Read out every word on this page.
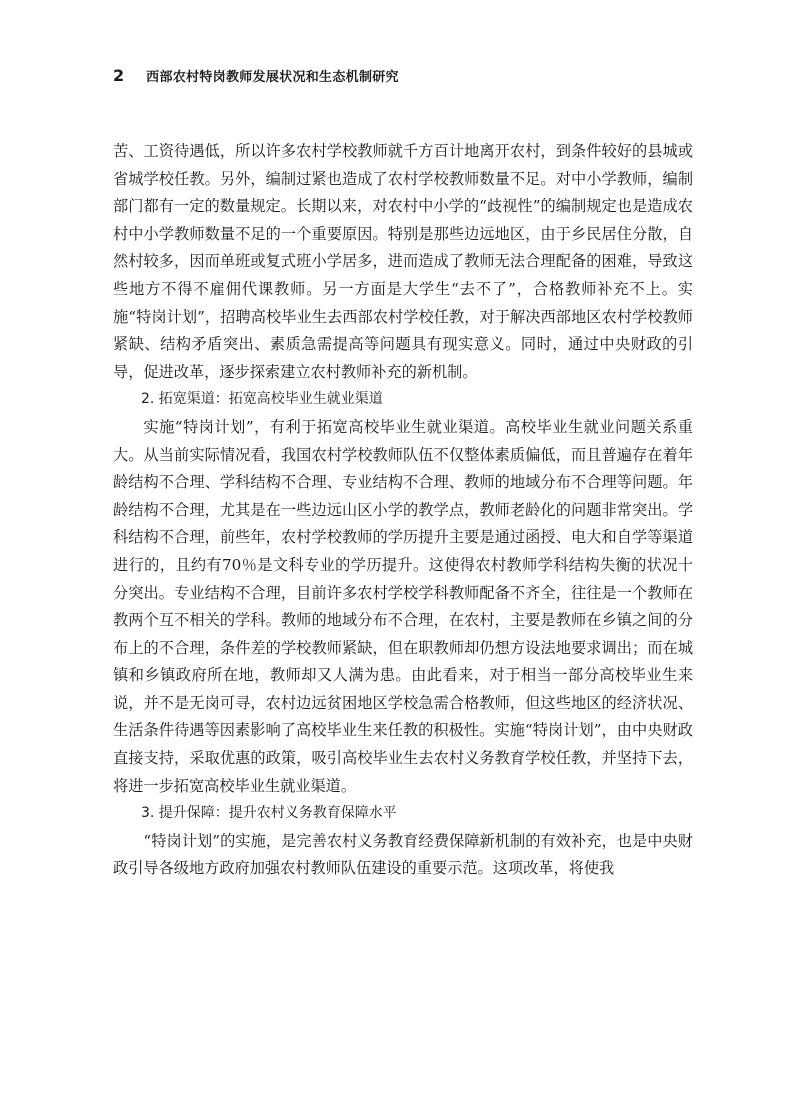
2 西部农村特岗教师发展状况和生态机制研究

苦、工资待遇低，所以许多农村学校教师就千方百计地离开农村，到条件较好的县城或省城学校任教。另外，编制过紧也造成了农村学校教师数量不足。对中小学教师，编制部门都有一定的数量规定。长期以来，对农村中小学的“歧视性”的编制规定也是造成农村中小学教师数量不足的一个重要原因。特别是那些边远地区，由于乡民居住分散，自然村较多，因而单班或复式班小学居多，进而造成了教师无法合理配备的困难，导致这些地方不得不雇佣代课教师。另一方面是大学生“去不了”，合格教师补充不上。实施“特岗计划”，招聘高校毕业生去西部农村学校任教，对于解决西部地区农村学校教师紧缺、结构矛盾突出、素质急需提高等问题具有现实意义。同时，通过中央财政的引导，促进改革，逐步探索建立农村教师补充的新机制。

2. 拓宽渠道：拓宽高校毕业生就业渠道

实施“特岗计划”，有利于拓宽高校毕业生就业渠道。高校毕业生就业问题关系重大。从当前实际情况看，我国农村学校教师队伍不仅整体素质偏低，而且普遍存在着年龄结构不合理、学科结构不合理、专业结构不合理、教师的地域分布不合理等问题。年龄结构不合理，尤其是在一些边远山区小学的教学点，教师老龄化的问题非常突出。学科结构不合理，前些年，农村学校教师的学历提升主要是通过函授、电大和自学等渠道进行的，且约有70％是文科专业的学历提升。这使得农村教师学科结构失衡的状况十分突出。专业结构不合理，目前许多农村学校学科教师配备不齐全，往往是一个教师在教两个互不相关的学科。教师的地域分布不合理，在农村，主要是教师在乡镇之间的分布上的不合理，条件差的学校教师紧缺，但在职教师却仍想方设法地要求调出；而在城镇和乡镇政府所在地，教师却又人满为患。由此看来，对于相当一部分高校毕业生来说，并不是无岗可寻，农村边远贫困地区学校急需合格教师，但这些地区的经济状况、生活条件待遇等因素影响了高校毕业生来任教的积极性。实施“特岗计划”，由中央财政直接支持，采取优惠的政策，吸引高校毕业生去农村义务教育学校任教，并坚持下去，将进一步拓宽高校毕业生就业渠道。

3. 提升保障：提升农村义务教育保障水平

“特岗计划”的实施，是完善农村义务教育经费保障新机制的有效补充，也是中央财政引导各级地方政府加强农村教师队伍建设的重要示范。这项改革，将使我
